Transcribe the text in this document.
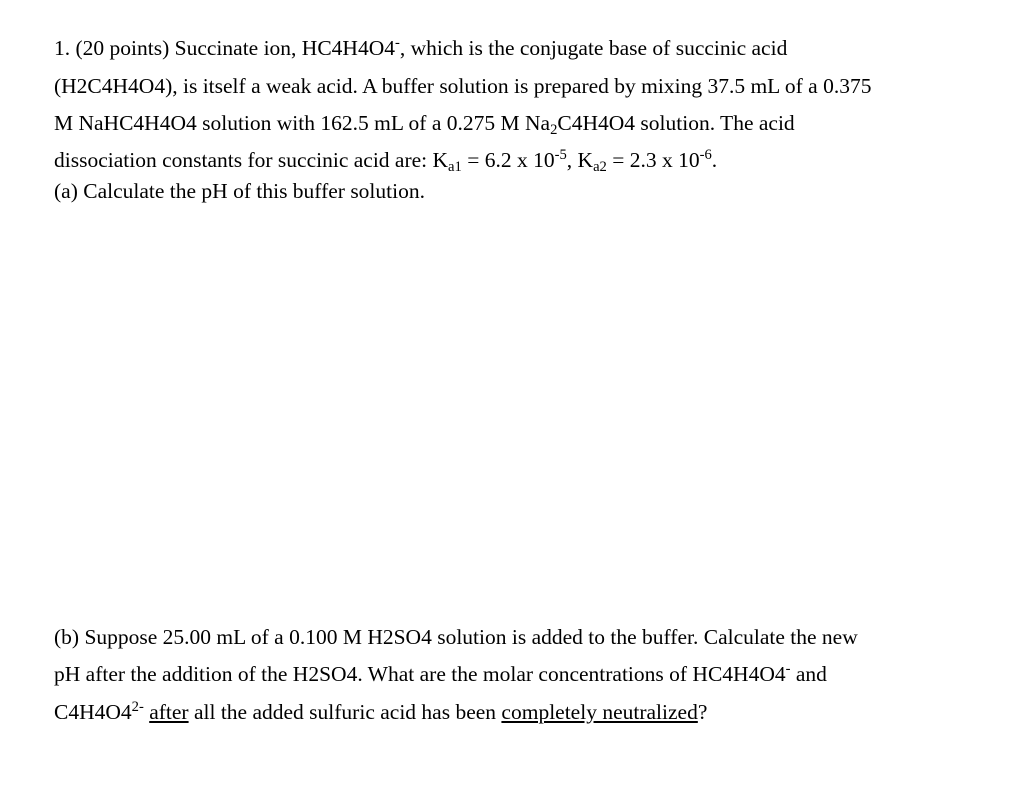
1. (20 points) Succinate ion, HC4H4O4-, which is the conjugate base of succinic acid
(H2C4H4O4), is itself a weak acid. A buffer solution is prepared by mixing 37.5 mL of a 0.375
M NaHC4H4O4 solution with 162.5 mL of a 0.275 M $Na_2C4H4O4$ solution. The acid
dissociation constants for succinic acid are: $K_{a1} = 6.2$ x $10^{-5}$, $K_{a2} = 2.3$ x $10^{-6}$.
(a) Calculate the pH of this buffer solution.
(b) Suppose 25.00 mL of a 0.100 M H2SO4 solution is added to the buffer. Calculate the new
pH after the addition of the H2SO4. What are the molar concentrations of HC4H4O4- and
$C4H4O4^{2-}$ after all the added sulfuric acid has been completely neutralized?
